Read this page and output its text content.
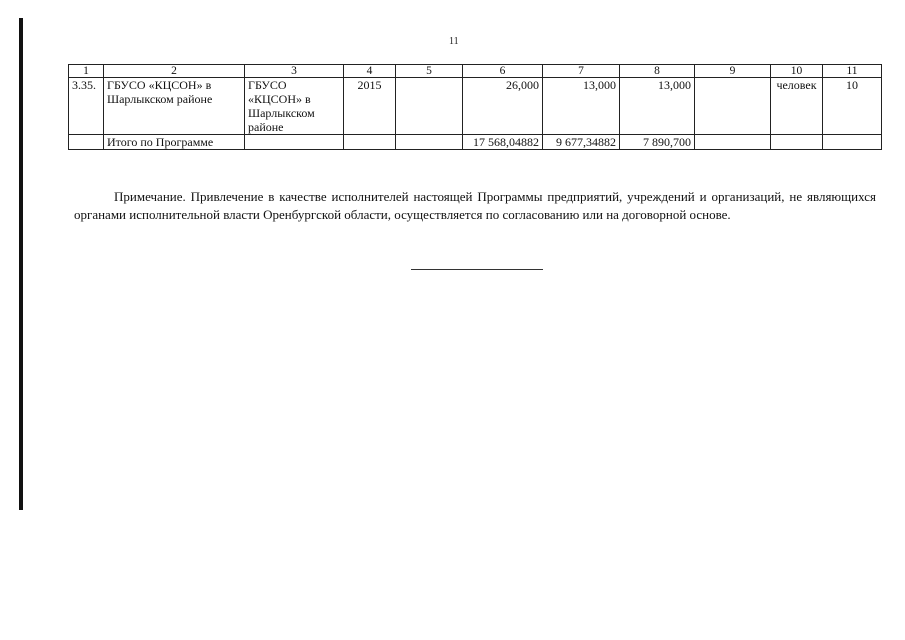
11
1	2	3	4	5	6	7	8	9	10	11
3.35.	ГБУСО «КЦСОН» в Шарлыкском районе	ГБУСО «КЦСОН» в Шарлыкском районе	2015		26,000	13,000	13,000		человек	10
	Итого по Программе				17 568,04882	9 677,34882	7 890,700			

Примечание. Привлечение в качестве исполнителей настоящей Программы предприятий, учреждений и организаций, не являющихся органами исполнительной власти Оренбургской области, осуществляется по согласованию или на договорной основе.
